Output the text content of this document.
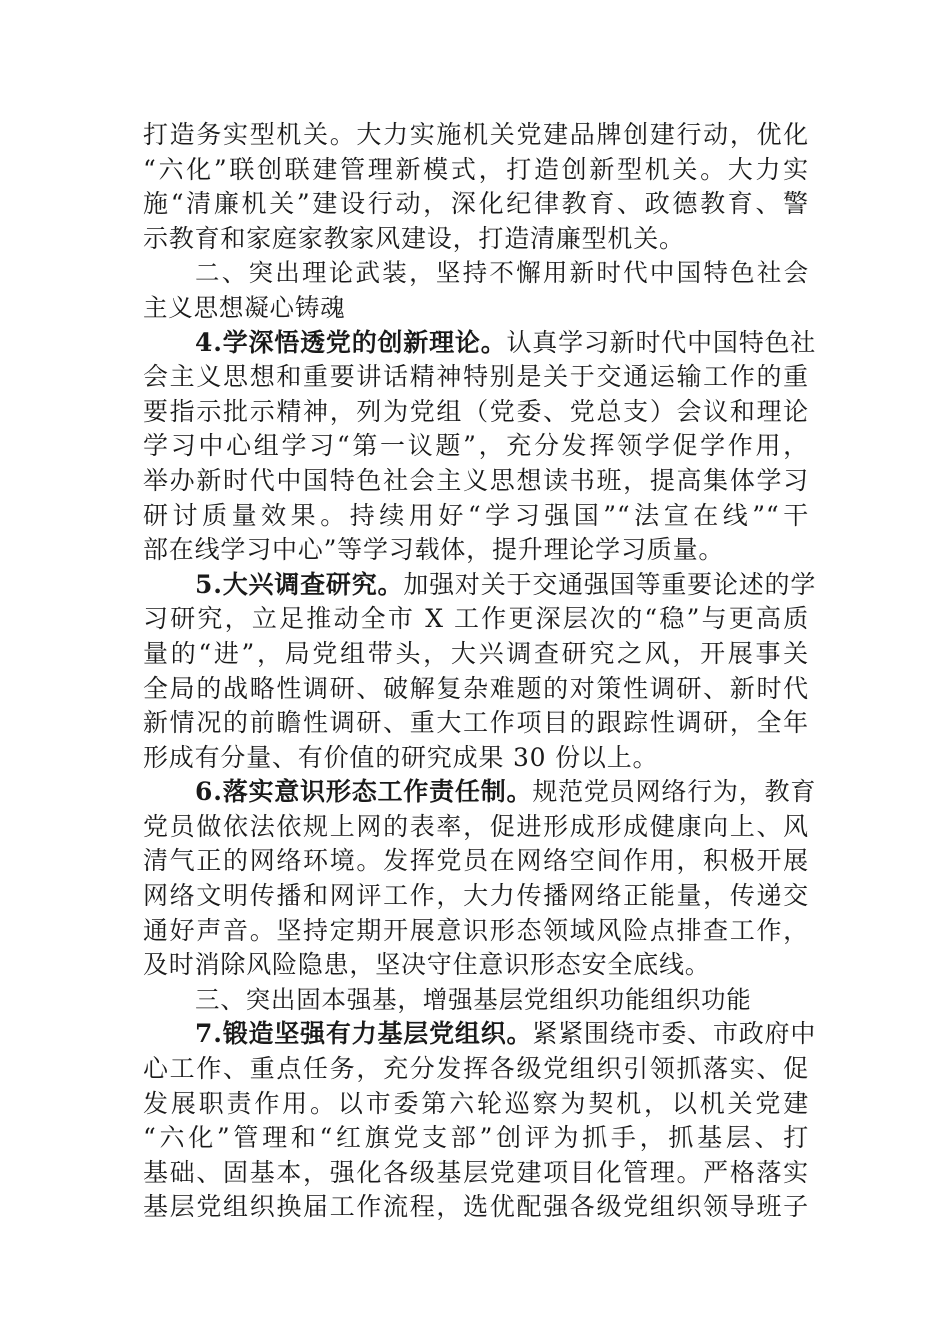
打造务实型机关。大力实施机关党建品牌创建行动，优化
“六化”联创联建管理新模式，打造创新型机关。大力实
施“清廉机关”建设行动，深化纪律教育、政德教育、警
示教育和家庭家教家风建设，打造清廉型机关。
二、突出理论武装，坚持不懈用新时代中国特色社会
主义思想凝心铸魂
4.学深悟透党的创新理论。认真学习新时代中国特色社
会主义思想和重要讲话精神特别是关于交通运输工作的重
要指示批示精神，列为党组（党委、党总支）会议和理论
学习中心组学习“第一议题”，充分发挥领学促学作用，
举办新时代中国特色社会主义思想读书班，提高集体学习
研讨质量效果。持续用好“学习强国”“法宣在线”“干
部在线学习中心”等学习载体，提升理论学习质量。
5.大兴调查研究。加强对关于交通强国等重要论述的学
习研究，立足推动全市 X 工作更深层次的“稳”与更高质
量的“进”，局党组带头，大兴调查研究之风，开展事关
全局的战略性调研、破解复杂难题的对策性调研、新时代
新情况的前瞻性调研、重大工作项目的跟踪性调研，全年
形成有分量、有价值的研究成果 30 份以上。
6.落实意识形态工作责任制。规范党员网络行为，教育
党员做依法依规上网的表率，促进形成形成健康向上、风
清气正的网络环境。发挥党员在网络空间作用，积极开展
网络文明传播和网评工作，大力传播网络正能量，传递交
通好声音。坚持定期开展意识形态领域风险点排查工作，
及时消除风险隐患，坚决守住意识形态安全底线。
三、突出固本强基，增强基层党组织功能组织功能
7.锻造坚强有力基层党组织。紧紧围绕市委、市政府中
心工作、重点任务，充分发挥各级党组织引领抓落实、促
发展职责作用。以市委第六轮巡察为契机，以机关党建
“六化”管理和“红旗党支部”创评为抓手，抓基层、打
基础、固基本，强化各级基层党建项目化管理。严格落实
基层党组织换届工作流程，选优配强各级党组织领导班子
